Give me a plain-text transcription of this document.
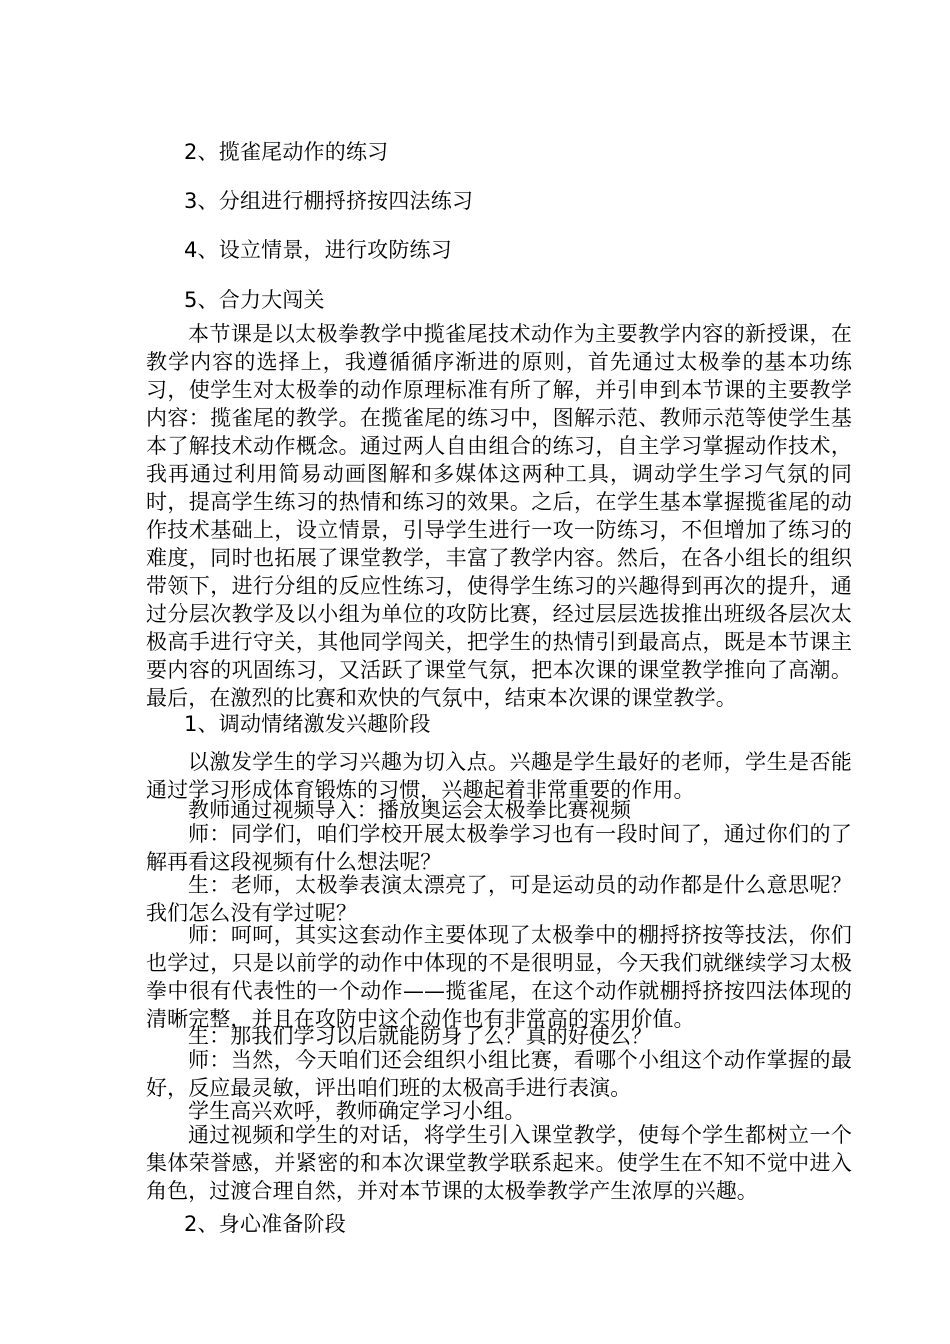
2、揽雀尾动作的练习
3、分组进行棚捋挤按四法练习
4、设立情景，进行攻防练习
5、合力大闯关
本节课是以太极拳教学中揽雀尾技术动作为主要教学内容的新授课，在教学内容的选择上，我遵循循序渐进的原则，首先通过太极拳的基本功练习，使学生对太极拳的动作原理标准有所了解，并引申到本节课的主要教学内容：揽雀尾的教学。在揽雀尾的练习中，图解示范、教师示范等使学生基本了解技术动作概念。通过两人自由组合的练习，自主学习掌握动作技术，我再通过利用简易动画图解和多媒体这两种工具，调动学生学习气氛的同时，提高学生练习的热情和练习的效果。之后，在学生基本掌握揽雀尾的动作技术基础上，设立情景，引导学生进行一攻一防练习，不但增加了练习的难度，同时也拓展了课堂教学，丰富了教学内容。然后，在各小组长的组织带领下，进行分组的反应性练习，使得学生练习的兴趣得到再次的提升，通过分层次教学及以小组为单位的攻防比赛，经过层层选拔推出班级各层次太极高手进行守关，其他同学闯关，把学生的热情引到最高点，既是本节课主要内容的巩固练习，又活跃了课堂气氛，把本次课的课堂教学推向了高潮。最后，在激烈的比赛和欢快的气氛中，结束本次课的课堂教学。
1、调动情绪激发兴趣阶段
以激发学生的学习兴趣为切入点。兴趣是学生最好的老师，学生是否能通过学习形成体育锻炼的习惯，兴趣起着非常重要的作用。
教师通过视频导入：播放奥运会太极拳比赛视频
师：同学们，咱们学校开展太极拳学习也有一段时间了，通过你们的了解再看这段视频有什么想法呢？
生：老师，太极拳表演太漂亮了，可是运动员的动作都是什么意思呢？我们怎么没有学过呢？
师：呵呵，其实这套动作主要体现了太极拳中的棚捋挤按等技法，你们也学过，只是以前学的动作中体现的不是很明显，今天我们就继续学习太极拳中很有代表性的一个动作——揽雀尾，在这个动作就棚捋挤按四法体现的清晰完整，并且在攻防中这个动作也有非常高的实用价值。
生：那我们学习以后就能防身了么？真的好使么？
师：当然，今天咱们还会组织小组比赛，看哪个小组这个动作掌握的最好，反应最灵敏，评出咱们班的太极高手进行表演。
学生高兴欢呼，教师确定学习小组。
通过视频和学生的对话，将学生引入课堂教学，使每个学生都树立一个集体荣誉感，并紧密的和本次课堂教学联系起来。使学生在不知不觉中进入角色，过渡合理自然，并对本节课的太极拳教学产生浓厚的兴趣。
2、身心准备阶段
